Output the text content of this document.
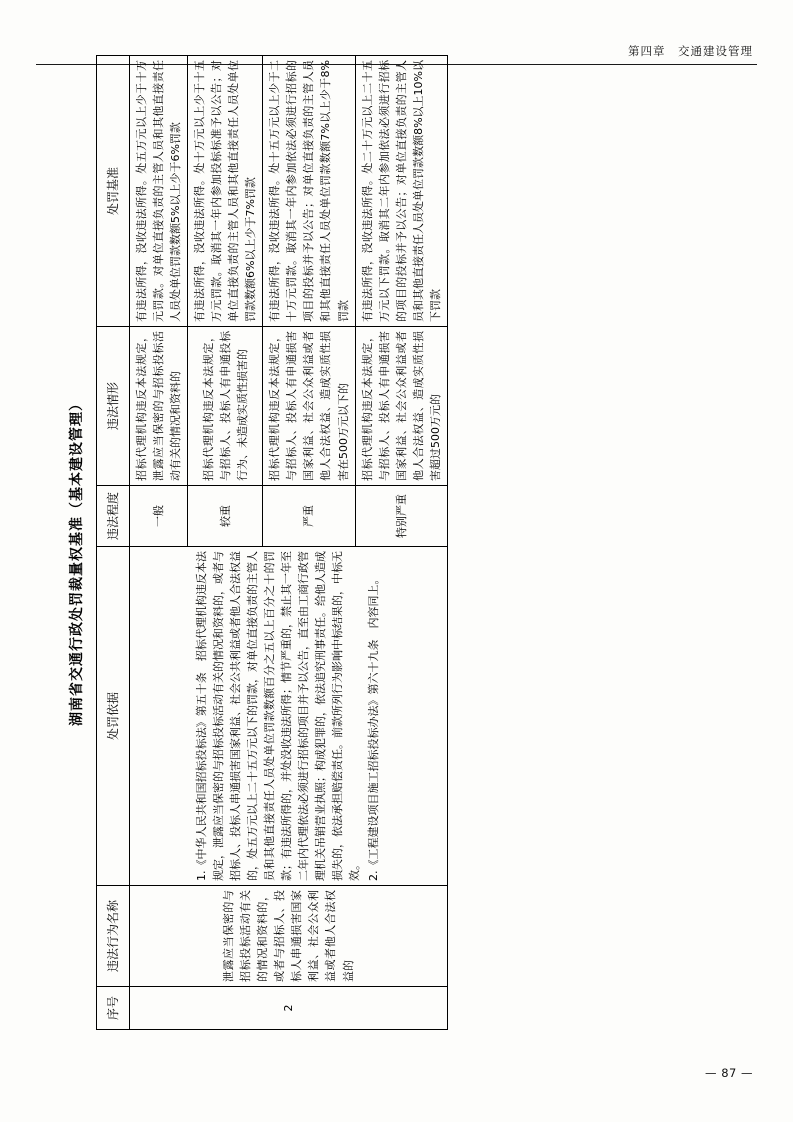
第四章　交通建设管理
湖南省交通行政处罚裁量权基准（基本建设管理）
序号	违法行为名称	处罚依据	违法程度	违法情形	处罚基准
2	泄露应当保密的与招标投标活动有关的情况和资料的，或者与招标人、投标人串通损害国家利益、社会公众利益或者他人合法权益的	1.《中华人民共和国招标投标法》第五十条　招标代理机构违反本法规定，泄露应当保密的与招标投标活动有关的情况和资料的，或者与招标人、投标人串通损害国家利益、社会公共利益或者他人合法权益的，处五万元以上二十五万元以下的罚款，对单位直接负责的主管人员和其他直接责任人员处单位罚款数额百分之五以上百分之十的罚款；有违法所得的，并处没收违法所得；情节严重的，禁止其一年至二年内代理依法必须进行招标的项目并予以公告，直至由工商行政管理机关吊销营业执照；构成犯罪的，依法追究刑事责任。给他人造成损失的，依法承担赔偿责任。前款所列行为影响中标结果的，中标无效。 2.《工程建设项目施工招标投标办法》第六十九条　内容同上。	一般	招标代理机构违反本法规定，泄露应当保密的与招标投标活动有关的情况和资料的	有违法所得，没收违法所得。处五万元以上少于十万元罚款。对单位直接负责的主管人员和其他直接责任人员处单位罚款数额5%以上少于6%罚款
			较重	招标代理机构违反本法规定，与招标人、投标人有申通投标行为、未造成实质性损害的	有违法所得，没收违法所得。处十万元以上少于十五万元罚款。取消其一年内参加投标标准予以公告；对单位直接负责的主管人员和其他直接责任人员处单位罚款数额6%以上少于7%罚款
			严重	招标代理机构违反本法规定，与招标人、投标人有申通损害国家利益、社会公众利益或者他人合法权益、造成实质性损害在500万元以下的	有违法所得，没收违法所得。处十五万元以上少于二十万元罚款。取消其一年内参加依法必须进行招标的项目的投标并予以公告；对单位直接负责的主管人员和其他直接责任人员处单位罚款数额7%以上少于8%罚款
			特别严重	招标代理机构违反本法规定，与招标人、投标人有申通损害国家利益、社会公众利益或者他人合法权益、造成实质性损害超过500万元的	有违法所得，没收违法所得。处二十万元以上二十五万元以下罚款。取消其二年内参加依法必须进行招标的项目的投标并予以公告；对单位直接负责的主管人员和其他直接责任人员处单位罚款数额8%以上10%以下罚款
— 87 —
